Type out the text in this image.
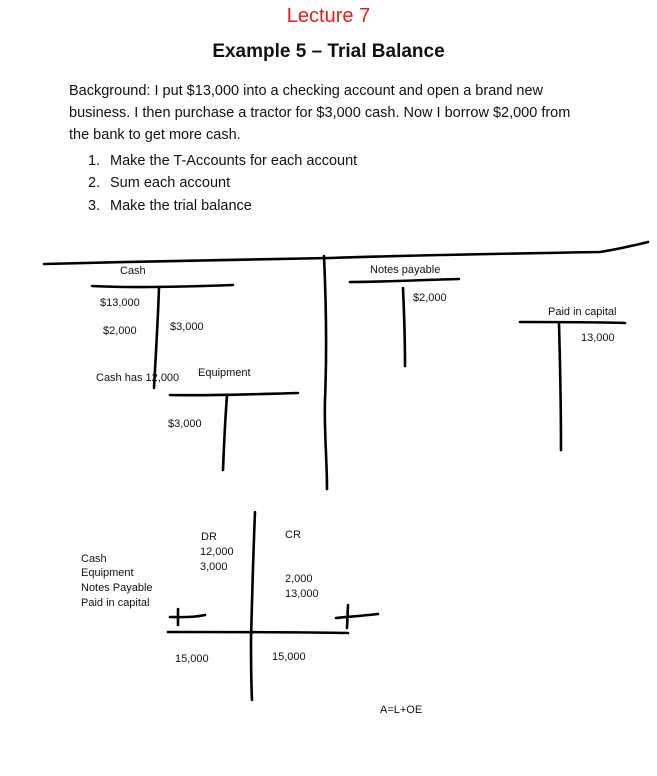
Lecture 7
Example 5 – Trial Balance
Background: I put $13,000 into a checking account and open a brand new business. I then purchase a tractor for $3,000 cash. Now I borrow $2,000 from the bank to get more cash.
1. Make the T-Accounts for each account
2. Sum each account
3. Make the trial balance
Cash
$13,000
$2,000	$3,000
Cash has 12,000 Equipment
$3,000
Notes payable
$2,000
Paid in capital
13,000
Cash
Equipment
Notes Payable
Paid in capital
DR
12,000
3,000
CR
2,000
13,000
15,000	15,000
A=L+OE
